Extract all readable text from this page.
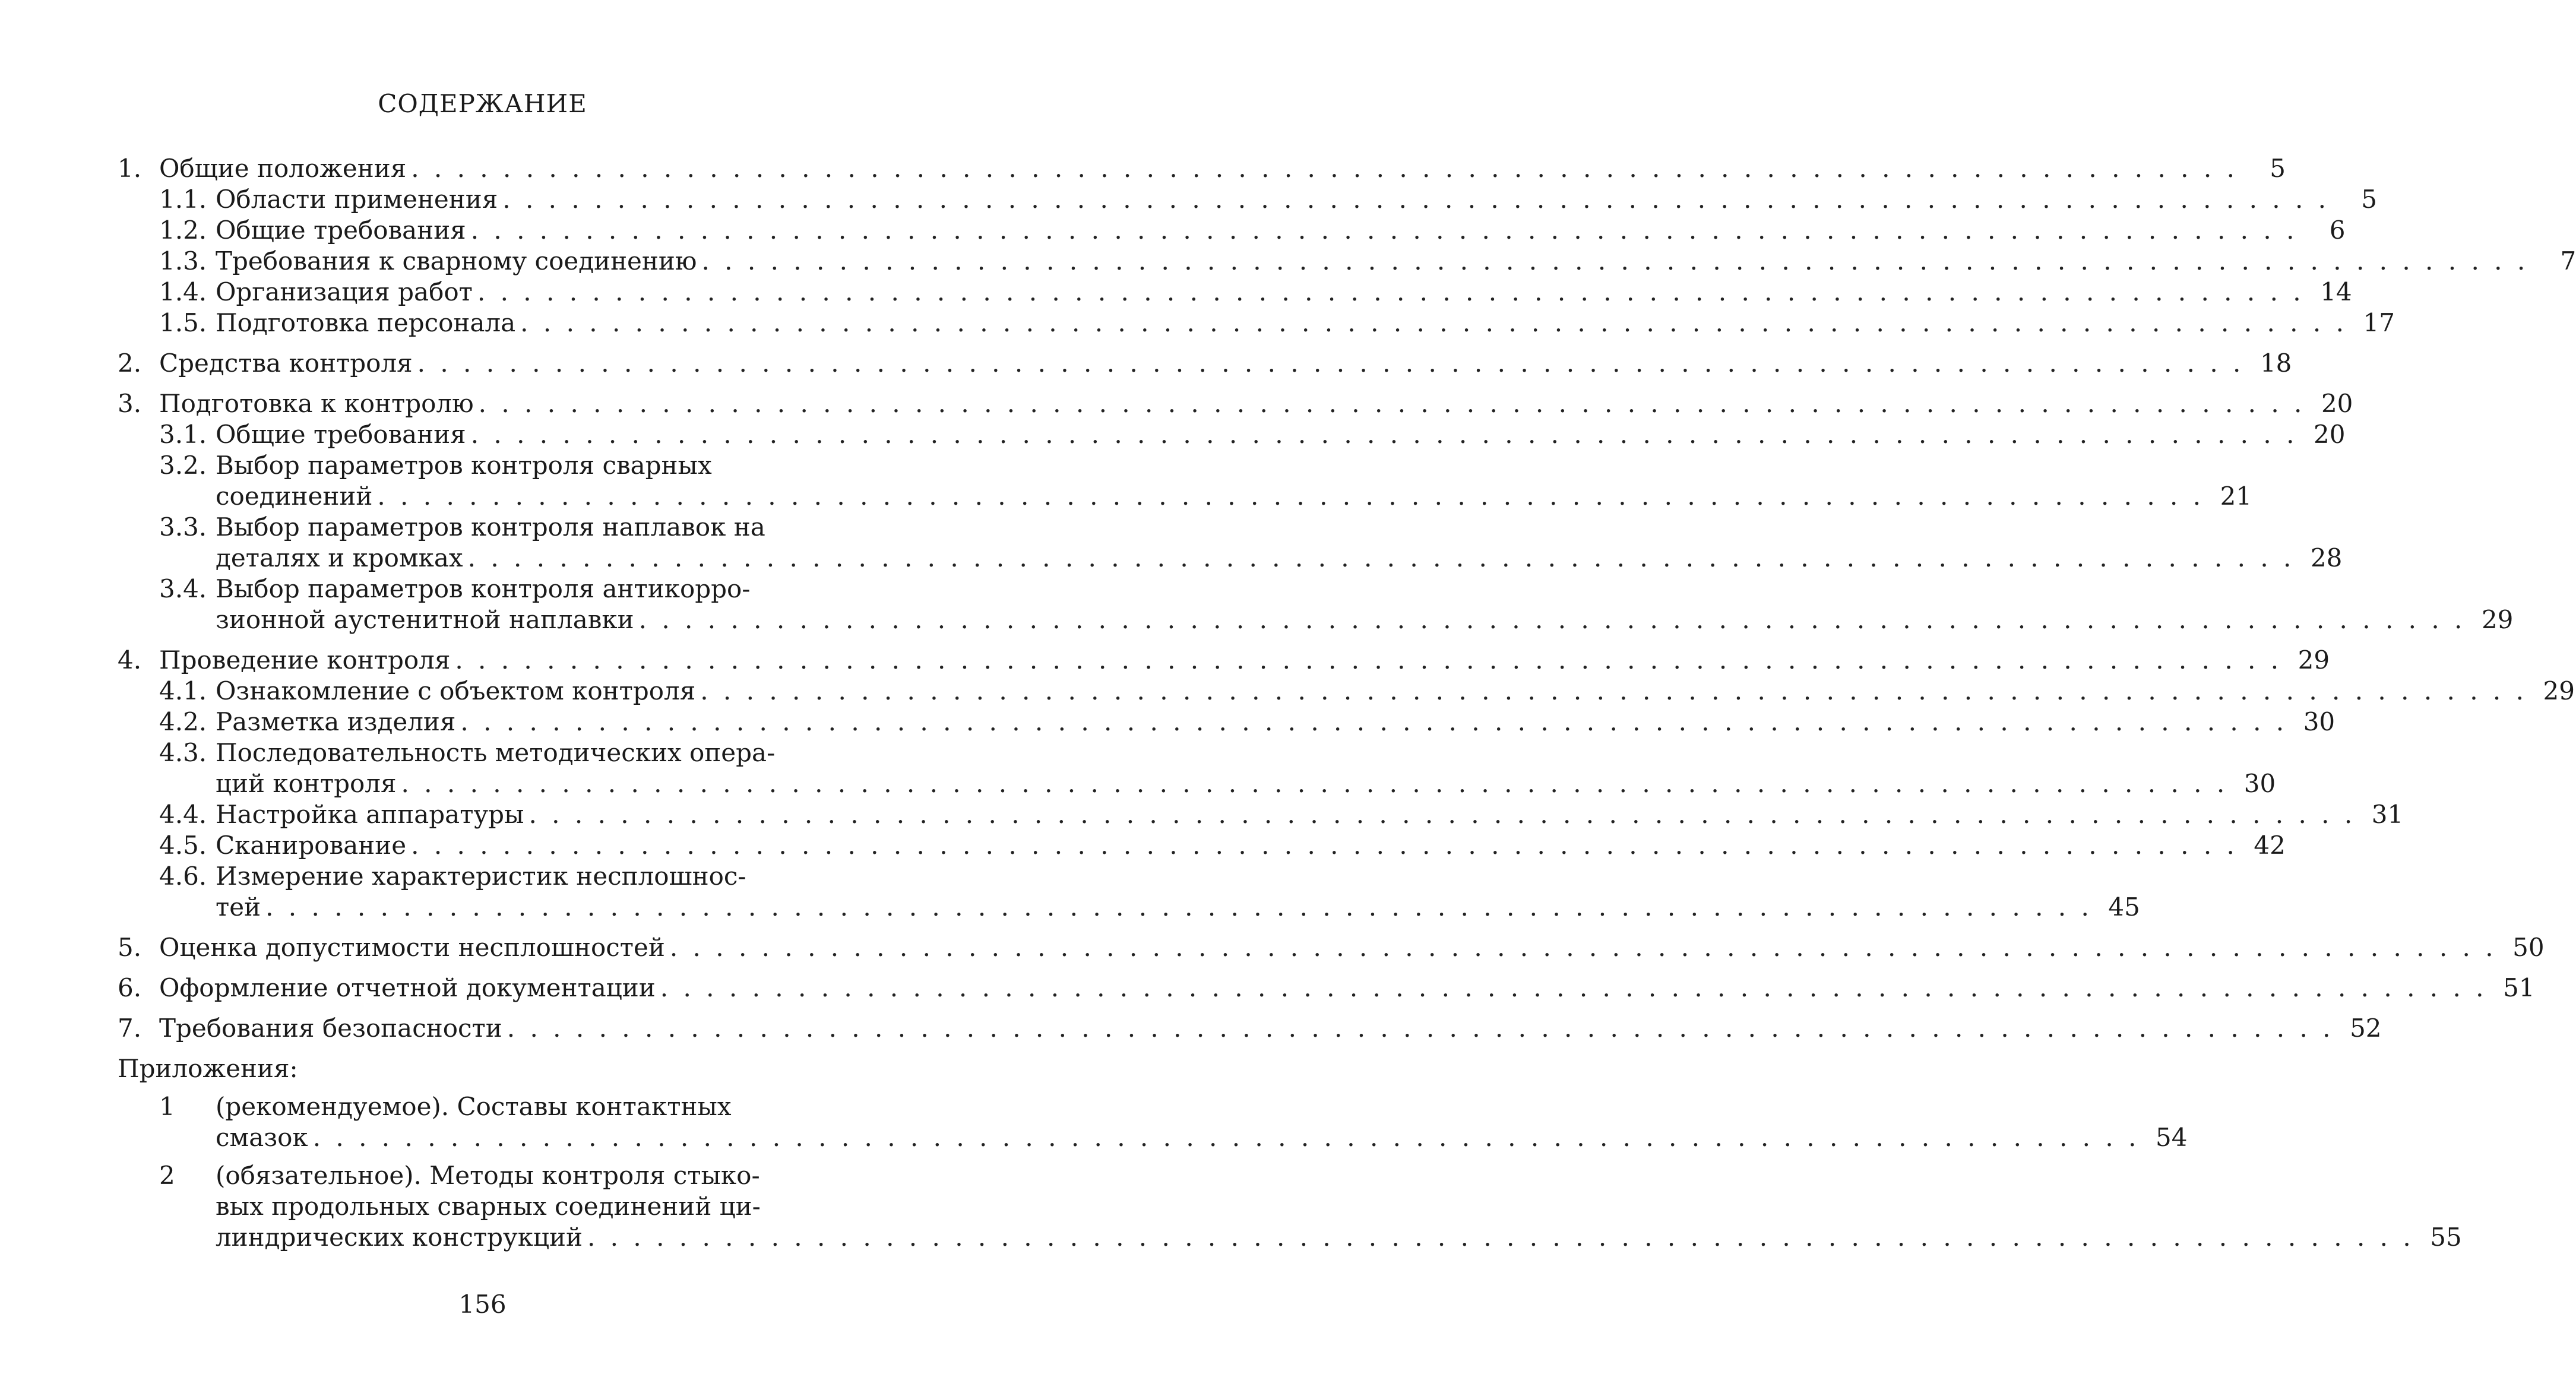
СОДЕРЖАНИЕ
1. Общие положения . . . . . . . . . . . . . . . . . . . . . . . . . . . . . . . . . . . . . . . . . . . . . . . . . . . . . . . . . . . . . . . . . . . . . . . . . . . . . . . .	5
1.1. Области применения . . . . . . . . . . . . . . . . . . . . . . . . . . . . . . . . . . . . . . . . . . . . . . . . . . . . . . . . . . . . . . . . . . . . . . . . . . . . . . . .	5
1.2. Общие требования . . . . . . . . . . . . . . . . . . . . . . . . . . . . . . . . . . . . . . . . . . . . . . . . . . . . . . . . . . . . . . . . . . . . . . . . . . . . . . . .	6
1.3. Требования к сварному соединению . . . . . . . . . . . . . . . . . . . . . . . . . . . . . . . . . . . . . . . . . . . . . . . . . . . . . . . . . . . . . . . . . . . . . . . . . . . . . . . .	7
1.4. Организация работ . . . . . . . . . . . . . . . . . . . . . . . . . . . . . . . . . . . . . . . . . . . . . . . . . . . . . . . . . . . . . . . . . . . . . . . . . . . . . . . . 14
1.5. Подготовка персонала . . . . . . . . . . . . . . . . . . . . . . . . . . . . . . . . . . . . . . . . . . . . . . . . . . . . . . . . . . . . . . . . . . . . . . . . . . . . . . . . 17
2. Средства контроля . . . . . . . . . . . . . . . . . . . . . . . . . . . . . . . . . . . . . . . . . . . . . . . . . . . . . . . . . . . . . . . . . . . . . . . . . . . . . . . . 18
3. Подготовка к контролю . . . . . . . . . . . . . . . . . . . . . . . . . . . . . . . . . . . . . . . . . . . . . . . . . . . . . . . . . . . . . . . . . . . . . . . . . . . . . . . . 20
3.1. Общие требования . . . . . . . . . . . . . . . . . . . . . . . . . . . . . . . . . . . . . . . . . . . . . . . . . . . . . . . . . . . . . . . . . . . . . . . . . . . . . . . . 20
3.2. Выбор параметров контроля сварных
соединений . . . . . . . . . . . . . . . . . . . . . . . . . . . . . . . . . . . . . . . . . . . . . . . . . . . . . . . . . . . . . . . . . . . . . . . . . . . . . . . . 21
3.3. Выбор параметров контроля наплавок на
деталях и кромках . . . . . . . . . . . . . . . . . . . . . . . . . . . . . . . . . . . . . . . . . . . . . . . . . . . . . . . . . . . . . . . . . . . . . . . . . . . . . . . . 28
3.4. Выбор параметров контроля антикорро-
зионной аустенитной наплавки . . . . . . . . . . . . . . . . . . . . . . . . . . . . . . . . . . . . . . . . . . . . . . . . . . . . . . . . . . . . . . . . . . . . . . . . . . . . . . . . 29
4. Проведение контроля . . . . . . . . . . . . . . . . . . . . . . . . . . . . . . . . . . . . . . . . . . . . . . . . . . . . . . . . . . . . . . . . . . . . . . . . . . . . . . . . 29
4.1. Ознакомление с объектом контроля . . . . . . . . . . . . . . . . . . . . . . . . . . . . . . . . . . . . . . . . . . . . . . . . . . . . . . . . . . . . . . . . . . . . . . . . . . . . . . . . 29
4.2. Разметка изделия . . . . . . . . . . . . . . . . . . . . . . . . . . . . . . . . . . . . . . . . . . . . . . . . . . . . . . . . . . . . . . . . . . . . . . . . . . . . . . . . 30
4.3. Последовательность методических опера-
ций контроля . . . . . . . . . . . . . . . . . . . . . . . . . . . . . . . . . . . . . . . . . . . . . . . . . . . . . . . . . . . . . . . . . . . . . . . . . . . . . . . . 30
4.4. Настройка аппаратуры . . . . . . . . . . . . . . . . . . . . . . . . . . . . . . . . . . . . . . . . . . . . . . . . . . . . . . . . . . . . . . . . . . . . . . . . . . . . . . . . 31
4.5. Сканирование . . . . . . . . . . . . . . . . . . . . . . . . . . . . . . . . . . . . . . . . . . . . . . . . . . . . . . . . . . . . . . . . . . . . . . . . . . . . . . . . 42
4.6. Измерение характеристик несплошнос-
тей . . . . . . . . . . . . . . . . . . . . . . . . . . . . . . . . . . . . . . . . . . . . . . . . . . . . . . . . . . . . . . . . . . . . . . . . . . . . . . . . 45
5. Оценка допустимости несплошностей . . . . . . . . . . . . . . . . . . . . . . . . . . . . . . . . . . . . . . . . . . . . . . . . . . . . . . . . . . . . . . . . . . . . . . . . . . . . . . . . 50
6. Оформление отчетной документации . . . . . . . . . . . . . . . . . . . . . . . . . . . . . . . . . . . . . . . . . . . . . . . . . . . . . . . . . . . . . . . . . . . . . . . . . . . . . . . . 51
7. Требования безопасности . . . . . . . . . . . . . . . . . . . . . . . . . . . . . . . . . . . . . . . . . . . . . . . . . . . . . . . . . . . . . . . . . . . . . . . . . . . . . . . . 52
Приложения:
1	(рекомендуемое). Составы контактных
смазок . . . . . . . . . . . . . . . . . . . . . . . . . . . . . . . . . . . . . . . . . . . . . . . . . . . . . . . . . . . . . . . . . . . . . . . . . . . . . . . . 54
2	(обязательное). Методы контроля стыко-
вых продольных сварных соединений ци-
линдрических конструкций . . . . . . . . . . . . . . . . . . . . . . . . . . . . . . . . . . . . . . . . . . . . . . . . . . . . . . . . . . . . . . . . . . . . . . . . . . . . . . . . 55
156
